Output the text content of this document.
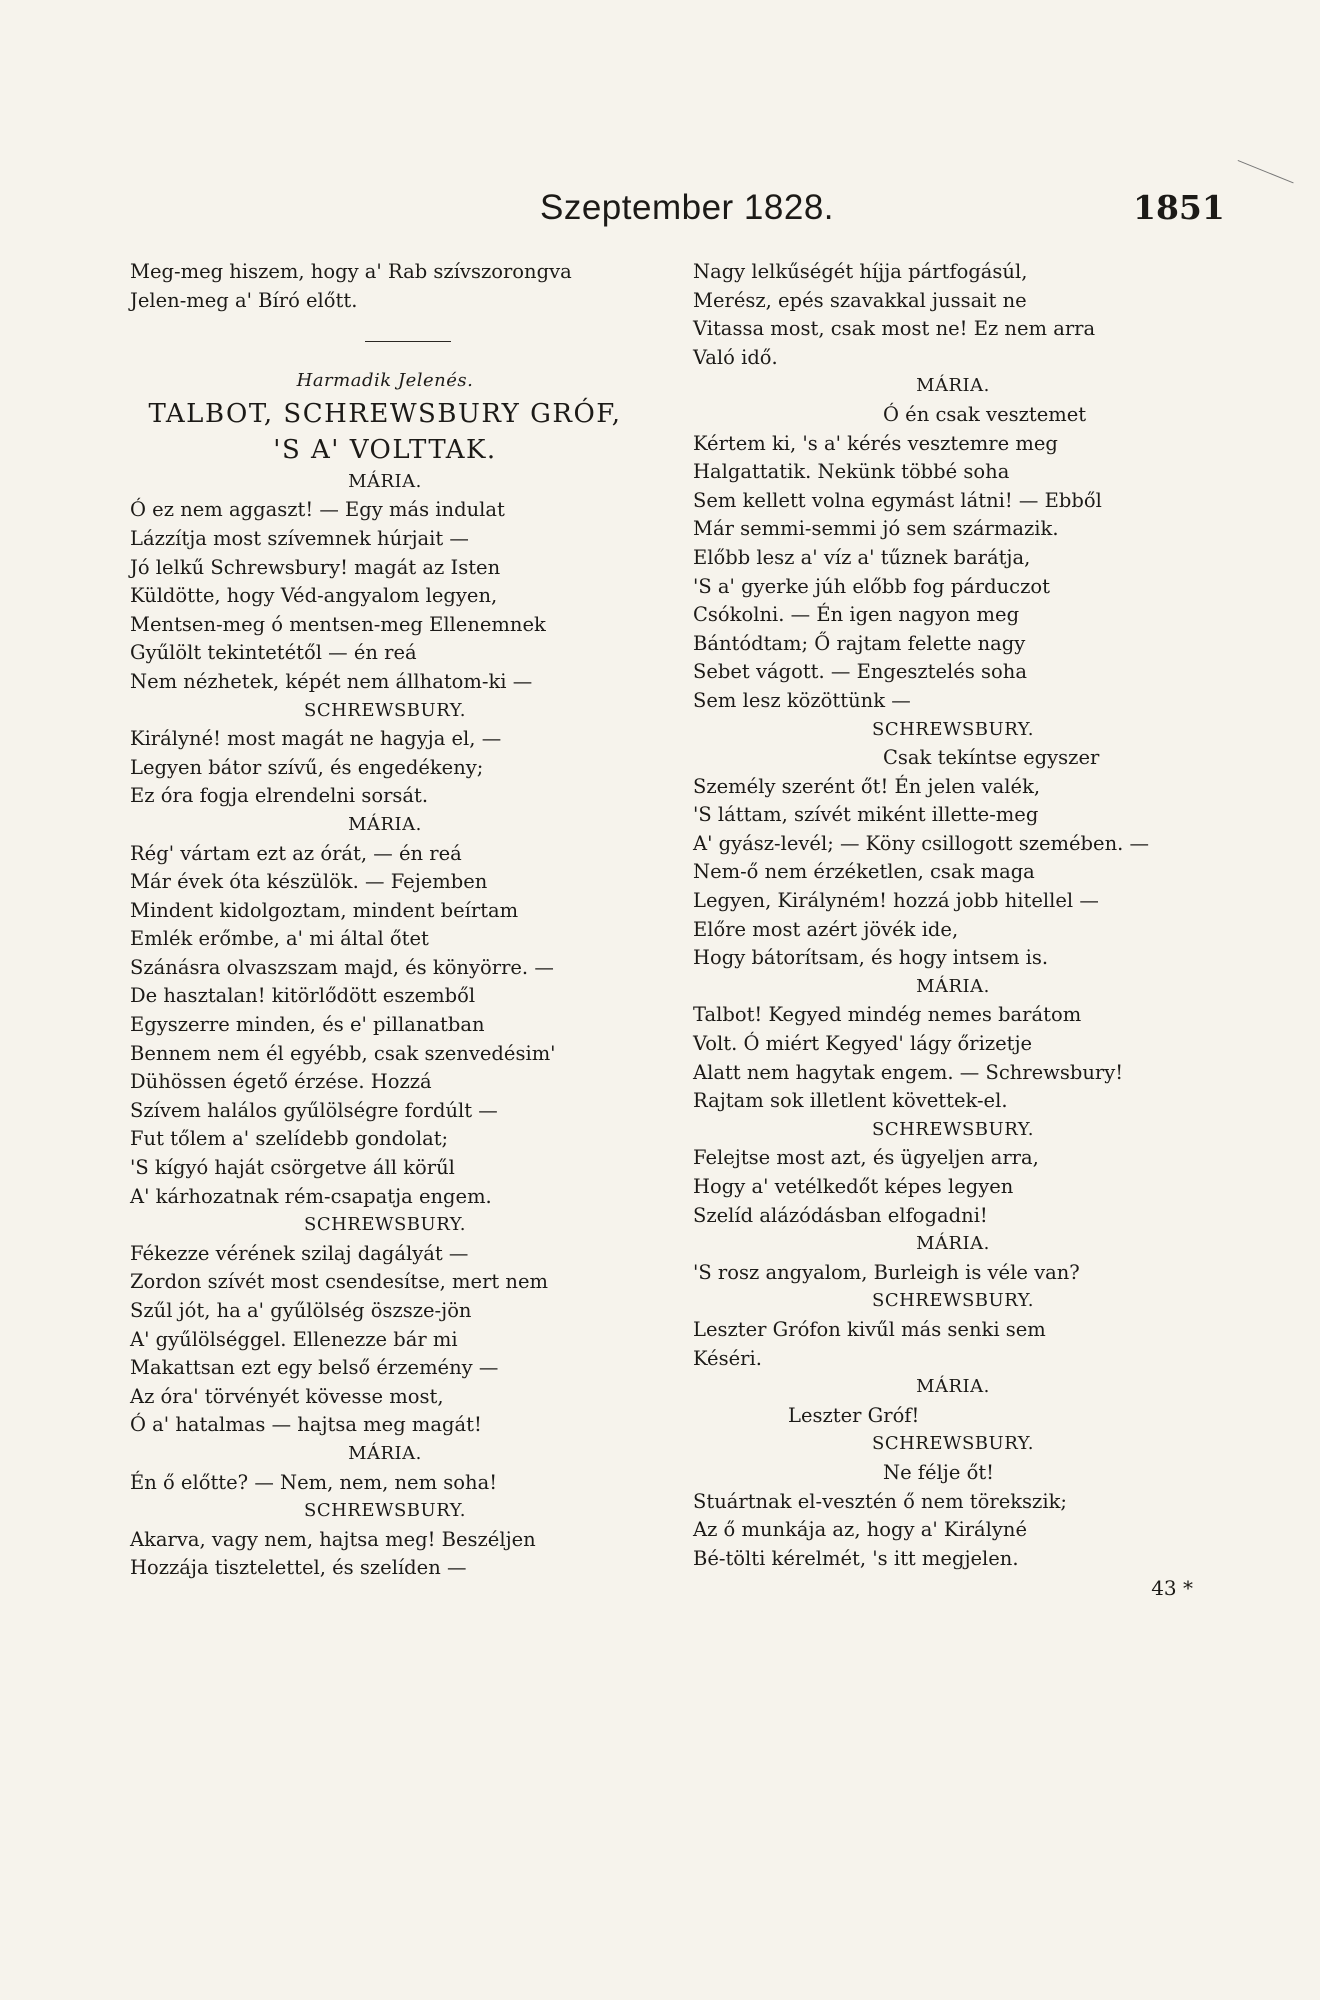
Szeptember 1828.	1851
Meg-meg hiszem, hogy a' Rab szívszorongva
Jelen-meg a' Bíró előtt.
Harmadik Jelenés.
TALBOT, SCHREWSBURY GRÓF,
'S A' VOLTTAK.
MÁRIA.
Ó ez nem aggaszt! — Egy más indulat
Lázzítja most szívemnek húrjait —
Jó lelkű Schrewsbury! magát az Isten
Küldötte, hogy Véd-angyalom legyen,
Mentsen-meg ó mentsen-meg Ellenemnek
Gyűlölt tekintetétől — én reá
Nem nézhetek, képét nem állhatom-ki —
SCHREWSBURY.
Királyné! most magát ne hagyja el, —
Legyen bátor szívű, és engedékeny;
Ez óra fogja elrendelni sorsát.
MÁRIA.
Rég' vártam ezt az órát, — én reá
Már évek óta készülök. — Fejemben
Mindent kidolgoztam, mindent beírtam
Emlék erőmbe, a' mi által őtet
Szánásra olvaszszam majd, és könyörre. —
De hasztalan! kitörlődött eszemből
Egyszerre minden, és e' pillanatban
Bennem nem él egyébb, csak szenvedésim'
Dühössen égető érzése. Hozzá
Szívem halálos gyűlölségre fordúlt —
Fut tőlem a' szelídebb gondolat;
'S kígyó haját csörgetve áll körűl
A' kárhozatnak rém-csapatja engem.
SCHREWSBURY.
Fékezze vérének szilaj dagályát —
Zordon szívét most csendesítse, mert nem
Szűl jót, ha a' gyűlölség öszsze-jön
A' gyűlölséggel. Ellenezze bár mi
Makattsan ezt egy belső érzemény —
Az óra' törvényét kövesse most,
Ó a' hatalmas — hajtsa meg magát!
MÁRIA.
Én ő előtte? — Nem, nem, nem soha!
SCHREWSBURY.
Akarva, vagy nem, hajtsa meg! Beszéljen
Hozzája tisztelettel, és szelíden —
Nagy lelkűségét híjja pártfogásúl,
Merész, epés szavakkal jussait ne
Vitassa most, csak most ne! Ez nem arra
Való idő.
MÁRIA.
Ó én csak vesztemet
Kértem ki, 's a' kérés vesztemre meg
Halgattatik. Nekünk többé soha
Sem kellett volna egymást látni! — Ebből
Már semmi-semmi jó sem származik.
Előbb lesz a' víz a' tűznek barátja,
'S a' gyerke júh előbb fog párduczot
Csókolni. — Én igen nagyon meg
Bántódtam; Ő rajtam felette nagy
Sebet vágott. — Engesztelés soha
Sem lesz közöttünk —
SCHREWSBURY.
Csak tekíntse egyszer
Személy szerént őt! Én jelen valék,
'S láttam, szívét miként illette-meg
A' gyász-levél; — Köny csillogott szemében. —
Nem-ő nem érzéketlen, csak maga
Legyen, Királyném! hozzá jobb hitellel —
Előre most azért jövék ide,
Hogy bátorítsam, és hogy intsem is.
MÁRIA.
Talbot! Kegyed mindég nemes barátom
Volt. Ó miért Kegyed' lágy őrizetje
Alatt nem hagytak engem. — Schrewsbury!
Rajtam sok illetlent követtek-el.
SCHREWSBURY.
Felejtse most azt, és ügyeljen arra,
Hogy a' vetélkedőt képes legyen
Szelíd alázódásban elfogadni!
MÁRIA.
'S rosz angyalom, Burleigh is véle van?
SCHREWSBURY.
Leszter Grófon kivűl más senki sem
Késéri.
MÁRIA.
Leszter Gróf!
SCHREWSBURY.
Ne félje őt!
Stuártnak el-vesztén ő nem törekszik;
Az ő munkája az, hogy a' Királyné
Bé-tölti kérelmét, 's itt megjelen.
43 *
